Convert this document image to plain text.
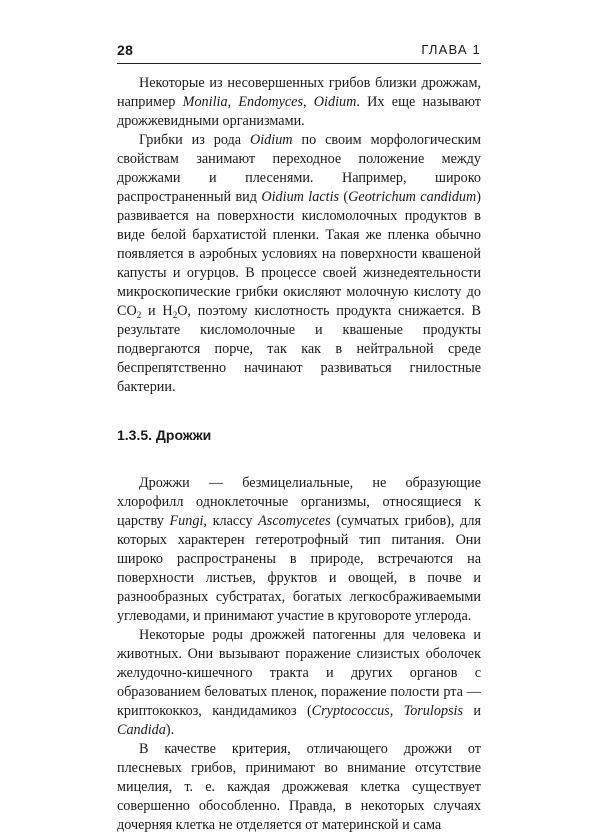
28	ГЛАВА 1

Некоторые из несовершенных грибов близки дрожжам, например Monilia, Endomyces, Oidium. Их еще называют дрожжевидными организмами.

Грибки из рода Oidium по своим морфологическим свойствам занимают переходное положение между дрожжами и плесенями. Например, широко распространенный вид Oidium lactis (Geotrichum candidum) развивается на поверхности кисломолочных продуктов в виде белой бархатистой пленки. Такая же пленка обычно появляется в аэробных условиях на поверхности квашеной капусты и огурцов. В процессе своей жизнедеятельности микроскопические грибки окисляют молочную кислоту до $CO_2$ и $H_2O$, поэтому кислотность продукта снижается. В результате кисломолочные и квашеные продукты подвергаются порче, так как в нейтральной среде беспрепятственно начинают развиваться гнилостные бактерии.

1.3.5. Дрожжи

Дрожжи — безмицелиальные, не образующие хлорофилл одноклеточные организмы, относящиеся к царству Fungi, классу Ascomycetes (сумчатых грибов), для которых характерен гетеротрофный тип питания. Они широко распространены в природе, встречаются на поверхности листьев, фруктов и овощей, в почве и разнообразных субстратах, богатых легкосбраживаемыми углеводами, и принимают участие в круговороте углерода.

Некоторые роды дрожжей патогенны для человека и животных. Они вызывают поражение слизистых оболочек желудочно-кишечного тракта и других органов с образованием беловатых пленок, поражение полости рта — криптококкоз, кандидамикоз (Cryptococcus, Torulopsis и Candida).

В качестве критерия, отличающего дрожжи от плесневых грибов, принимают во внимание отсутствие мицелия, т. е. каждая дрожжевая клетка существует совершенно обособленно. Правда, в некоторых случаях дочерняя клетка не отделяется от материнской и сама
